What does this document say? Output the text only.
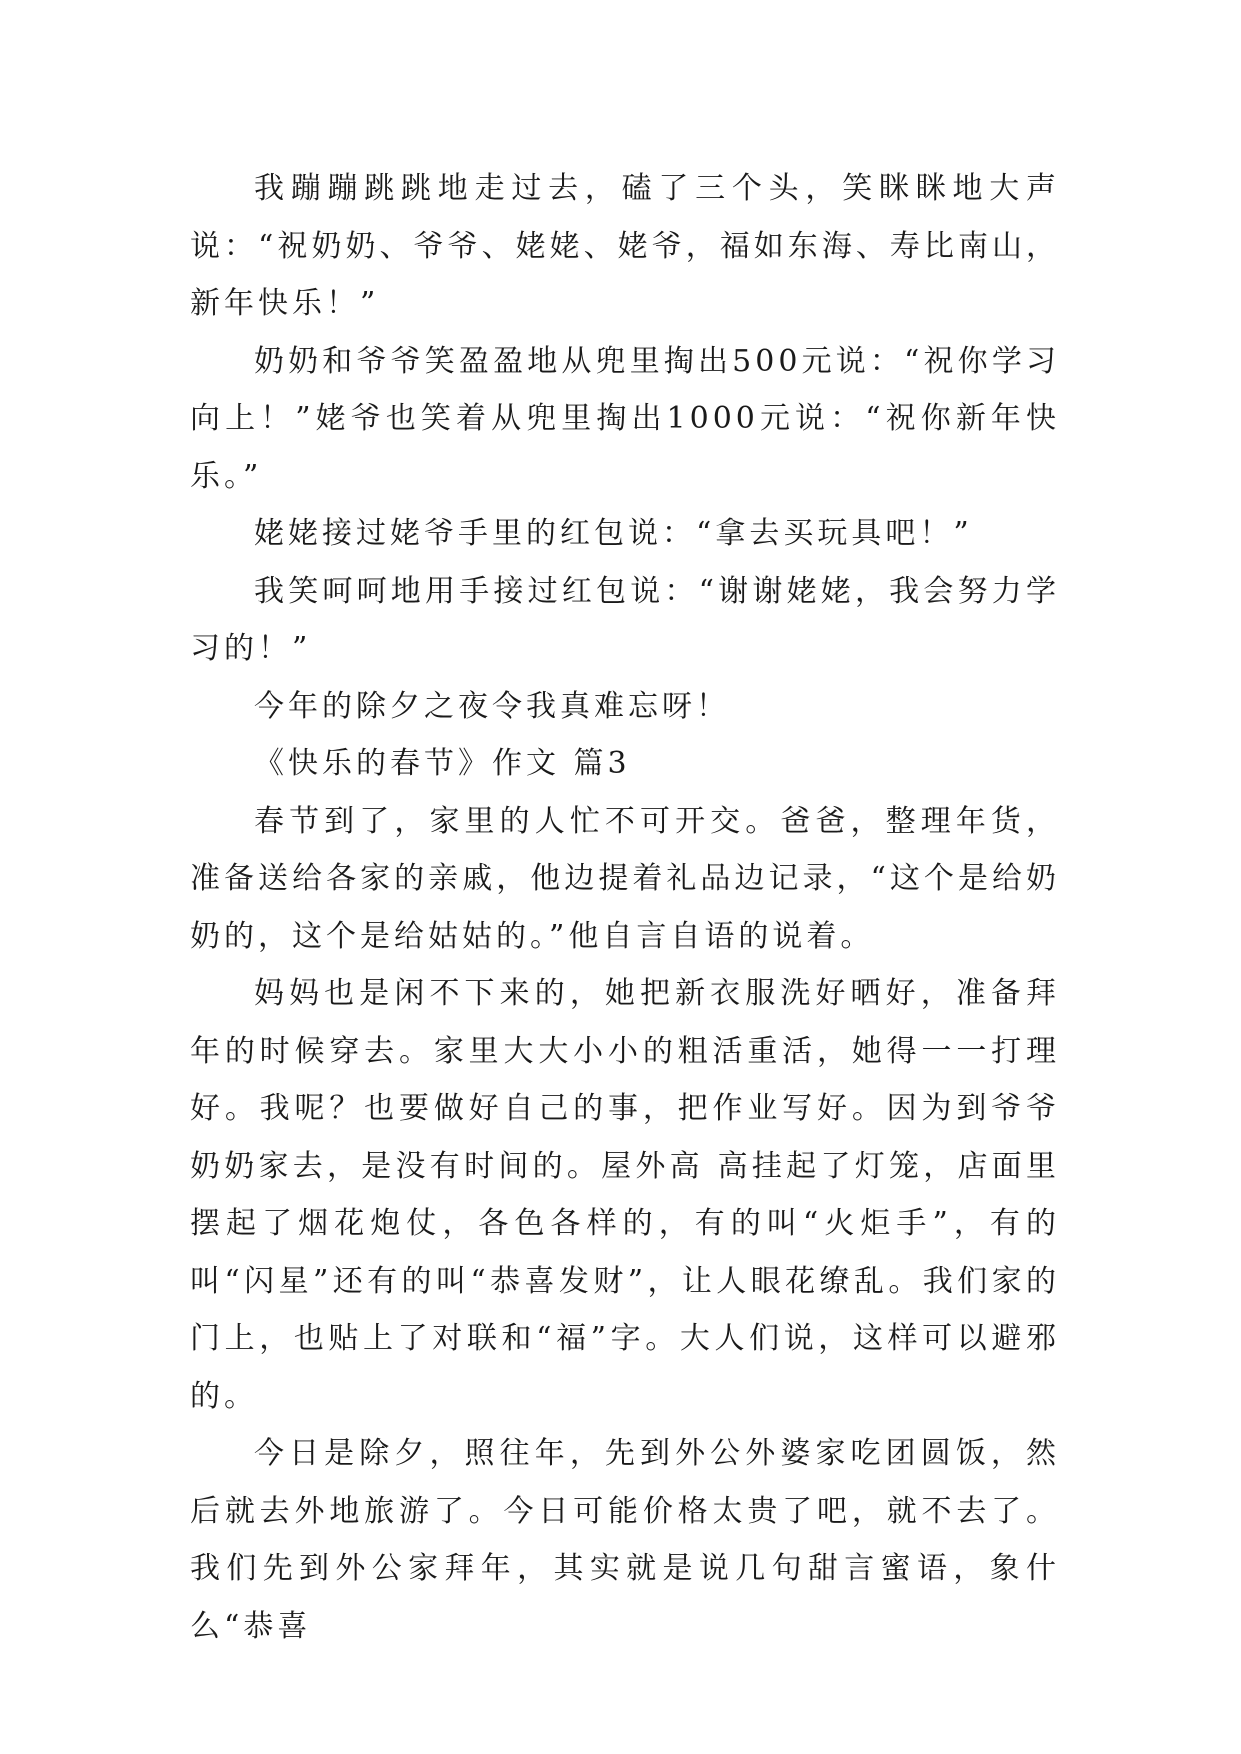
我蹦蹦跳跳地走过去，磕了三个头，笑眯眯地大声说：“祝奶奶、爷爷、姥姥、姥爷，福如东海、寿比南山，新年快乐！”

奶奶和爷爷笑盈盈地从兜里掏出500元说：“祝你学习向上！”姥爷也笑着从兜里掏出1000元说：“祝你新年快乐。”

姥姥接过姥爷手里的红包说：“拿去买玩具吧！”

我笑呵呵地用手接过红包说：“谢谢姥姥，我会努力学习的！”

今年的除夕之夜令我真难忘呀！

《快乐的春节》作文 篇3

春节到了，家里的人忙不可开交。爸爸，整理年货，准备送给各家的亲戚，他边提着礼品边记录，“这个是给奶奶的，这个是给姑姑的。”他自言自语的说着。

妈妈也是闲不下来的，她把新衣服洗好晒好，准备拜年的时候穿去。家里大大小小的粗活重活，她得一一打理好。我呢？也要做好自己的事，把作业写好。因为到爷爷奶奶家去，是没有时间的。屋外高 高挂起了灯笼，店面里摆起了烟花炮仗，各色各样的，有的叫“火炬手”，有的叫“闪星”还有的叫“恭喜发财”，让人眼花缭乱。我们家的门上，也贴上了对联和“福”字。大人们说，这样可以避邪 的。

今日是除夕，照往年，先到外公外婆家吃团圆饭，然后就去外地旅游了。今日可能价格太贵了吧，就不去了。我们先到外公家拜年，其实就是说几句甜言蜜语，象什么“恭喜
